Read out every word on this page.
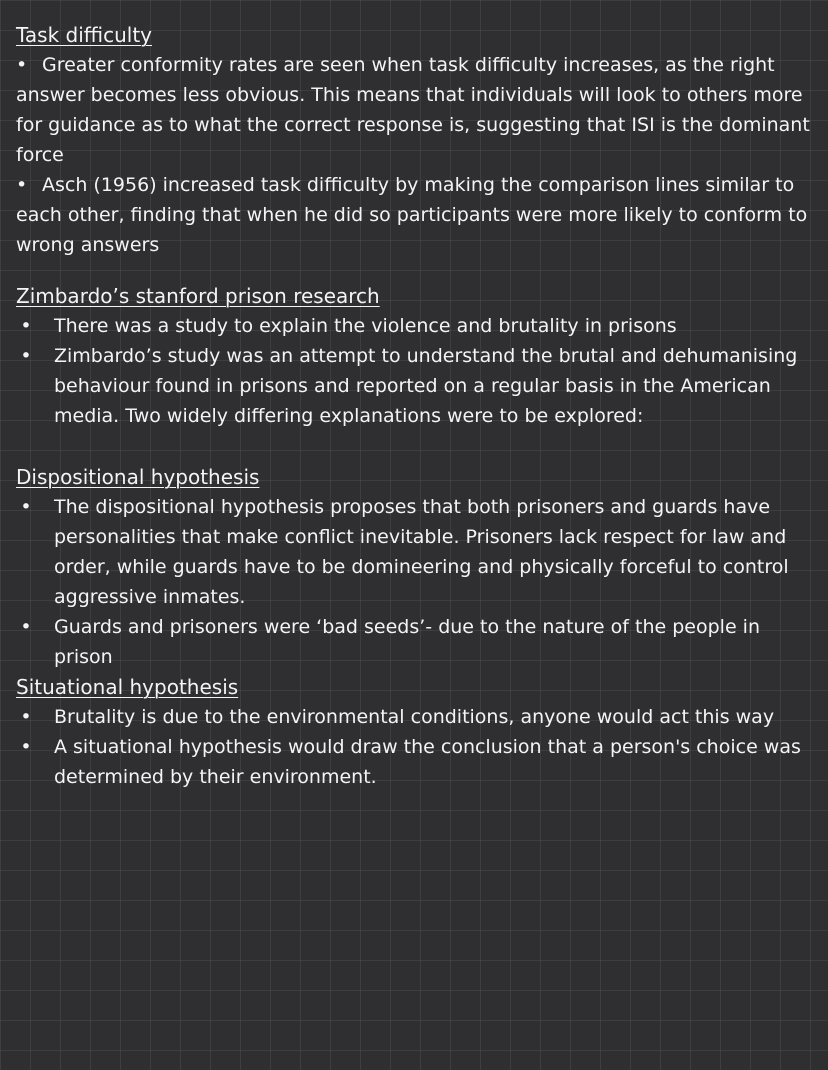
Task difficulty
• Greater conformity rates are seen when task difficulty increases, as the right answer becomes less obvious. This means that individuals will look to others more for guidance as to what the correct response is, suggesting that ISI is the dominant force
• Asch (1956) increased task difficulty by making the comparison lines similar to each other, finding that when he did so participants were more likely to conform to wrong answers
Zimbardo’s stanford prison research
• There was a study to explain the violence and brutality in prisons
• Zimbardo’s study was an attempt to understand the brutal and dehumanising behaviour found in prisons and reported on a regular basis in the American media. Two widely differing explanations were to be explored:
Dispositional hypothesis
• The dispositional hypothesis proposes that both prisoners and guards have personalities that make conflict inevitable. Prisoners lack respect for law and order, while guards have to be domineering and physically forceful to control aggressive inmates.
• Guards and prisoners were ‘bad seeds’- due to the nature of the people in prison
Situational hypothesis
• Brutality is due to the environmental conditions, anyone would act this way
• A situational hypothesis would draw the conclusion that a person's choice was determined by their environment.
